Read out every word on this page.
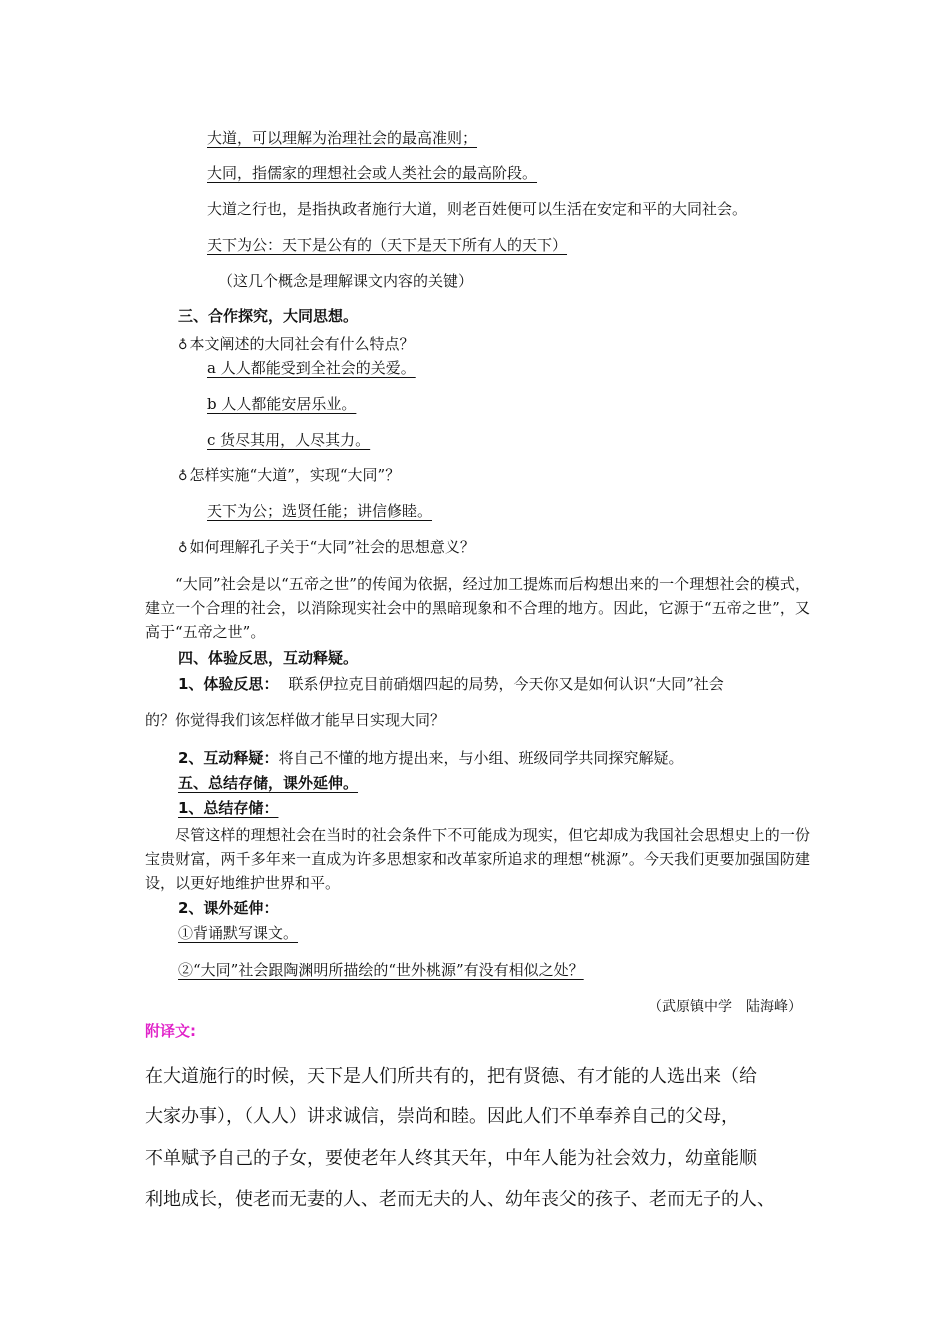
大道，可以理解为治理社会的最高准则；
大同，指儒家的理想社会或人类社会的最高阶段。
大道之行也，是指执政者施行大道，则老百姓便可以生活在安定和平的大同社会。
天下为公：天下是公有的（天下是天下所有人的天下）
（这几个概念是理解课文内容的关键）
三、合作探究，大同思想。
♁ 本文阐述的大同社会有什么特点？
a 人人都能受到全社会的关爱。
b 人人都能安居乐业。
c 货尽其用，人尽其力。
♁ 怎样实施“大道”，实现“大同”？
天下为公；选贤任能；讲信修睦。
♁ 如何理解孔子关于“大同”社会的思想意义？
“大同”社会是以“五帝之世”的传闻为依据，经过加工提炼而后构想出来的一个理想社会的模式，建立一个合理的社会，以消除现实社会中的黑暗现象和不合理的地方。因此，它源于“五帝之世”，又高于“五帝之世”。
四、体验反思，互动释疑。
1、体验反思： 联系伊拉克目前硝烟四起的局势，今天你又是如何认识“大同”社会
的？你觉得我们该怎样做才能早日实现大同？
2、互动释疑：将自己不懂的地方提出来，与小组、班级同学共同探究解疑。
五、总结存储，课外延伸。
1、总结存储：
尽管这样的理想社会在当时的社会条件下不可能成为现实，但它却成为我国社会思想史上的一份宝贵财富，两千多年来一直成为许多思想家和改革家所追求的理想“桃源”。今天我们更要加强国防建设，以更好地维护世界和平。
2、课外延伸：
①背诵默写课文。
②“大同”社会跟陶渊明所描绘的“世外桃源”有没有相似之处？
（武原镇中学　陆海峰）
附译文:
在大道施行的时候，天下是人们所共有的，把有贤德、有才能的人选出来（给
大家办事），（人人）讲求诚信，崇尚和睦。因此人们不单奉养自己的父母，
不单赋予自己的子女，要使老年人终其天年，中年人能为社会效力，幼童能顺
利地成长，使老而无妻的人、老而无夫的人、幼年丧父的孩子、老而无子的人、
